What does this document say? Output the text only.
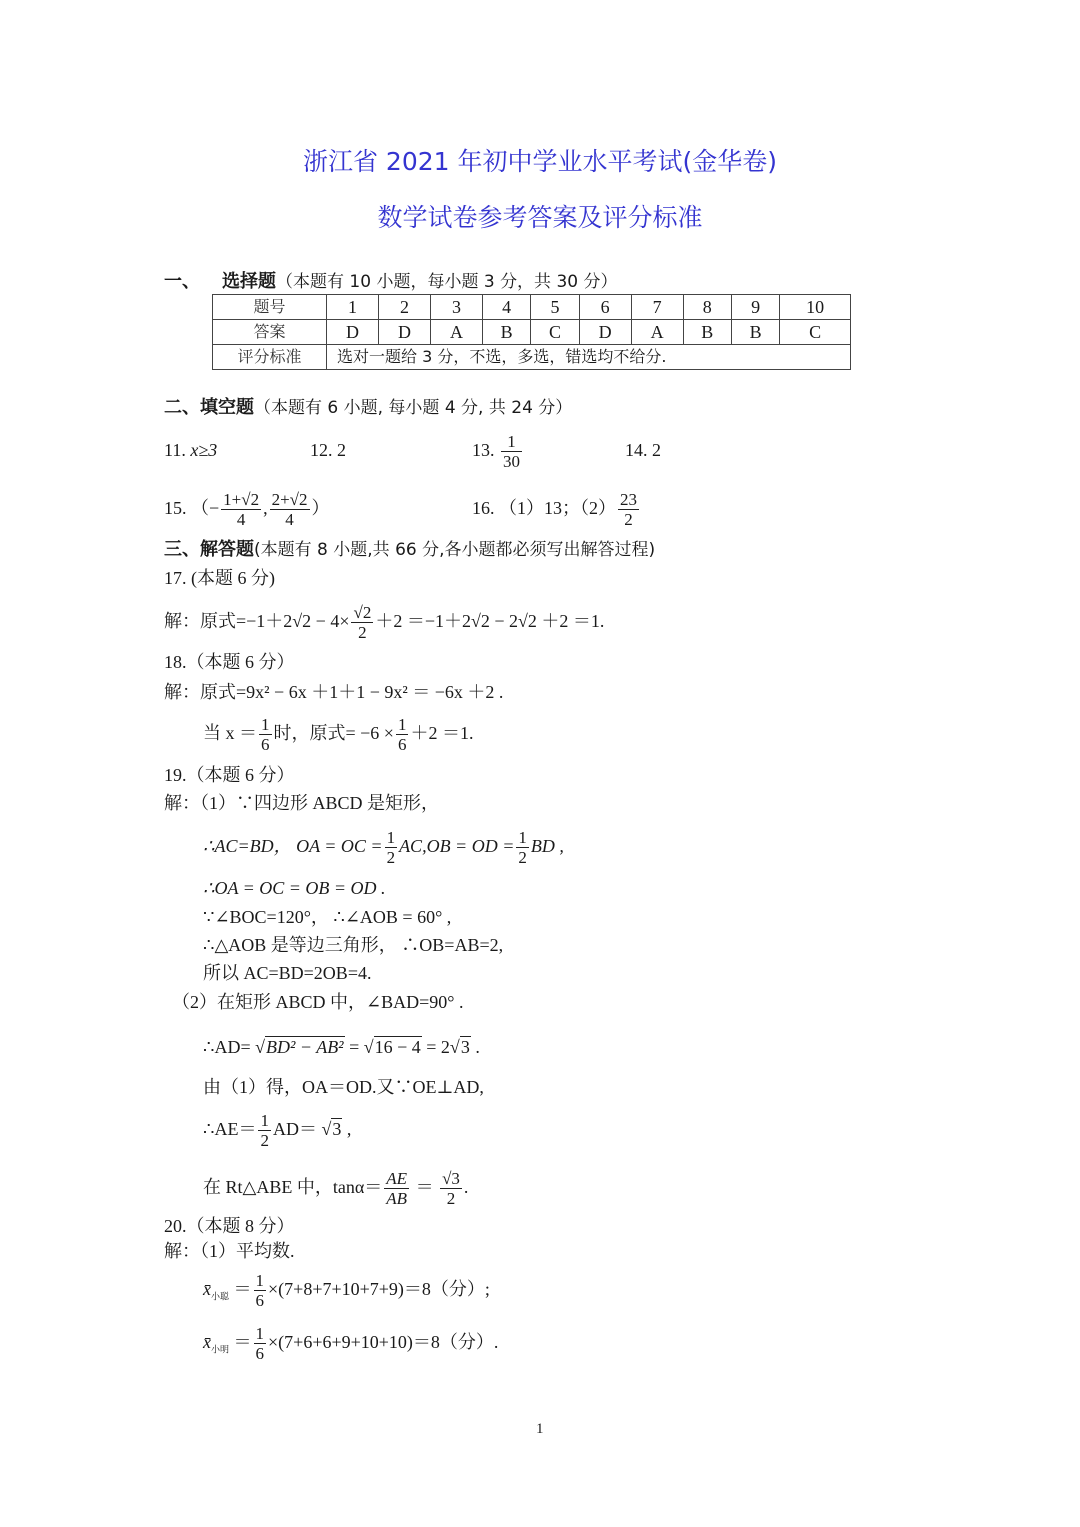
浙江省 2021 年初中学业水平考试(金华卷)
数学试卷参考答案及评分标准
一、 选择题（本题有 10 小题，每小题 3 分，共 30 分）
题号	1	2	3	4	5	6	7	8	9	10
答案	D	D	A	B	C	D	A	B	B	C
评分标准	选对一题给 3 分，不选，多选，错选均不给分.									
二、填空题（本题有 6 小题, 每小题 4 分, 共 24 分）
11. x≥3	12. 2	13. $\frac{1}{30}$	14. 2
15. （− $\frac{1+√2}{4}$ , $\frac{2+√2}{4}$ ）	16. （1）13；$(2) \frac{23}{2}$
三、解答题(本题有 8 小题,共 66 分,各小题都必须写出解答过程)
17. (本题 6 分)
解：原式$=-1+2√2 - 4\times \frac{√2}{2} +2 =-1+2√2 - 2√2 +2 =1$.
18.（本题 6 分）
解：原式=9x² − 6x ＋1＋1 − 9x² ＝ −6x ＋2 .
当 $x = \frac{1}{6}$ 时，原式= $-6 \times \frac{1}{6} +2 =1$.
19.（本题 6 分）
解：（1）∵四边形 ABCD 是矩形，
∴AC=BD， OA = OC = $\frac{1}{2} AC,OB$ = OD = $\frac{1}{2}$ BD ,
∴OA = OC = OB = OD .
∵∠BOC=120°， ∴∠AOB = 60° ,
∴△AOB 是等边三角形， ∴OB=AB=2,
所以 AC=BD=2OB=4.
（2）在矩形 ABCD 中，∠BAD=90° .
∴AD= √BD² − AB² = √16 − 4 = 2√3 .
由（1）得，OA＝OD.又∵OE⊥AD,
∴AE＝ $\frac{1}{2} AD= √3$ ,
在 Rt△ABE 中，$\tan\alpha= \frac{AE}{AB} = \frac{√3}{2}$ .
20.（本题 8 分）
解：（1）平均数.
$x̄_{小聪} = \frac{1}{6} \times(7+8+7+10+7+9)=8$（分）;
$x̄_{小明} = \frac{1}{6} \times(7+6+6+9+10+10)=8$（分）.
1
